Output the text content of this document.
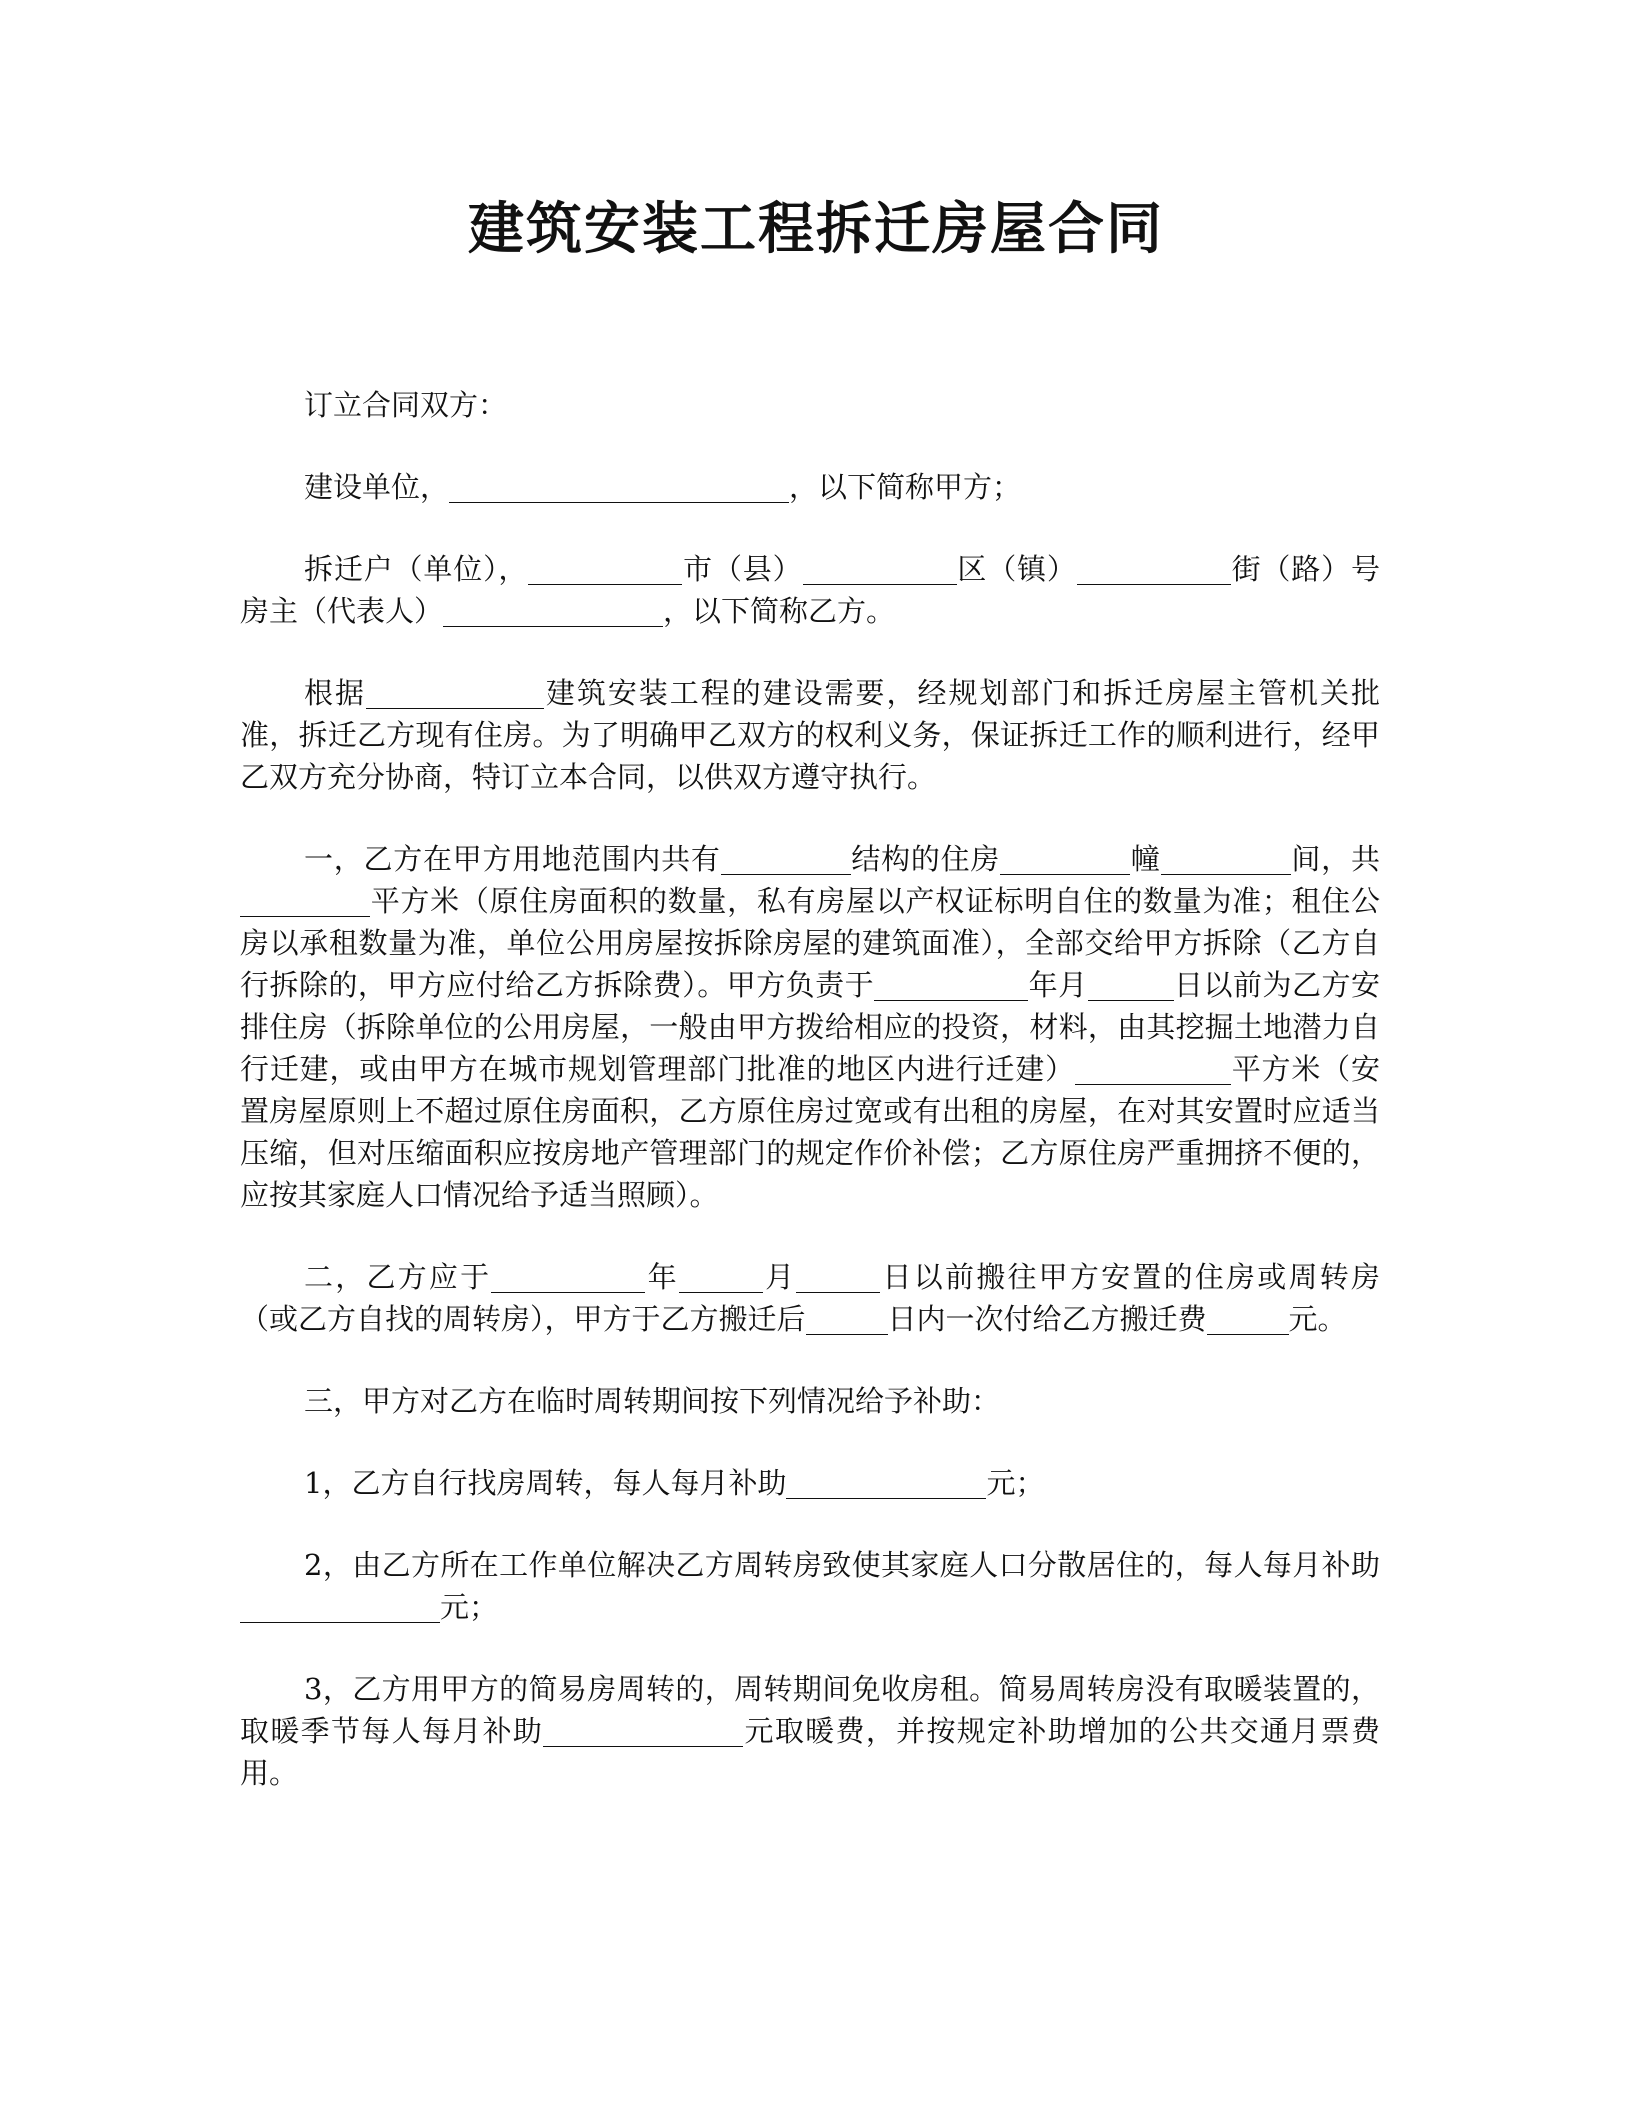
建筑安装工程拆迁房屋合同

订立合同双方：

建设单位，	，以下简称甲方；

拆迁户（单位），	市（县）	区（镇）	街（路）号房主（代表人）	，以下简称乙方。

根据	建筑安装工程的建设需要，经规划部门和拆迁房屋主管机关批准，拆迁乙方现有住房。为了明确甲乙双方的权利义务，保证拆迁工作的顺利进行，经甲乙双方充分协商，特订立本合同，以供双方遵守执行。

一，乙方在甲方用地范围内共有	结构的住房	幢	间，共平方米（原住房面积的数量，私有房屋以产权证标明自住的数量为准；租住公房以承租数量为准，单位公用房屋按拆除房屋的建筑面准），全部交给甲方拆除（乙方自行拆除的，甲方应付给乙方拆除费）。甲方负责于	年月	日以前为乙方安排住房（拆除单位的公用房屋，一般由甲方拨给相应的投资，材料，由其挖掘土地潜力自行迁建，或由甲方在城市规划管理部门批准的地区内进行迁建）	平方米（安置房屋原则上不超过原住房面积，乙方原住房过宽或有出租的房屋，在对其安置时应适当压缩，但对压缩面积应按房地产管理部门的规定作价补偿；乙方原住房严重拥挤不便的，应按其家庭人口情况给予适当照顾）。

二，乙方应于	年	月	日以前搬往甲方安置的住房或周转房（或乙方自找的周转房），甲方于乙方搬迁后	日内一次付给乙方搬迁费	元。

三，甲方对乙方在临时周转期间按下列情况给予补助：

1，乙方自行找房周转，每人每月补助	元；

2，由乙方所在工作单位解决乙方周转房致使其家庭人口分散居住的，每人每月补助元；

3，乙方用甲方的简易房周转的，周转期间免收房租。简易周转房没有取暖装置的，取暖季节每人每月补助	元取暖费，并按规定补助增加的公共交通月票费用。
